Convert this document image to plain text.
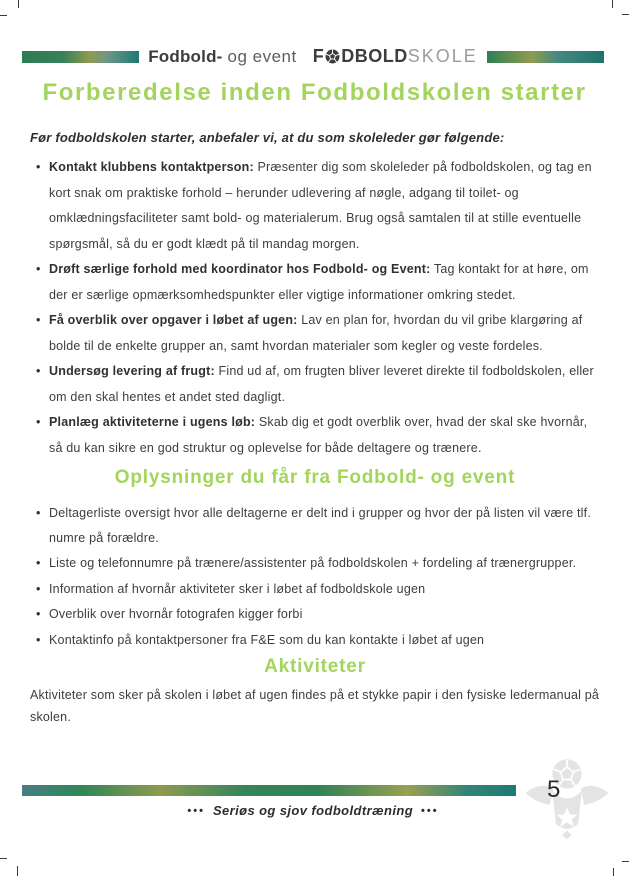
Fodbold- og event F DBOLD SKOLE
Forberedelse inden Fodboldskolen starter
Før fodboldskolen starter, anbefaler vi, at du som skoleleder gør følgende:
• Kontakt klubbens kontaktperson: Præsenter dig som skoleleder på fodboldskolen, og tag en kort snak om praktiske forhold – herunder udlevering af nøgle, adgang til toilet- og omklædningsfaciliteter samt bold- og materialerum. Brug også samtalen til at stille eventuelle spørgsmål, så du er godt klædt på til mandag morgen.
• Drøft særlige forhold med koordinator hos Fodbold- og Event: Tag kontakt for at høre, om der er særlige opmærksomhedspunkter eller vigtige informationer omkring stedet.
• Få overblik over opgaver i løbet af ugen: Lav en plan for, hvordan du vil gribe klargøring af bolde til de enkelte grupper an, samt hvordan materialer som kegler og veste fordeles.
• Undersøg levering af frugt: Find ud af, om frugten bliver leveret direkte til fodboldskolen, eller om den skal hentes et andet sted dagligt.
• Planlæg aktiviteterne i ugens løb: Skab dig et godt overblik over, hvad der skal ske hvornår, så du kan sikre en god struktur og oplevelse for både deltagere og trænere.
Oplysninger du får fra Fodbold- og event
• Deltagerliste oversigt hvor alle deltagerne er delt ind i grupper og hvor der på listen vil være tlf. numre på forældre.
• Liste og telefonnumre på trænere/assistenter på fodboldskolen + fordeling af trænergrupper.
• Information af hvornår aktiviteter sker i løbet af fodboldskole ugen
• Overblik over hvornår fotografen kigger forbi
• Kontaktinfo på kontaktpersoner fra F&E som du kan kontakte i løbet af ugen
Aktiviteter

Aktiviteter som sker på skolen i løbet af ugen findes på et stykke papir i den fysiske ledermanual på skolen.

5
••• Seriøs og sjov fodboldtræning •••
